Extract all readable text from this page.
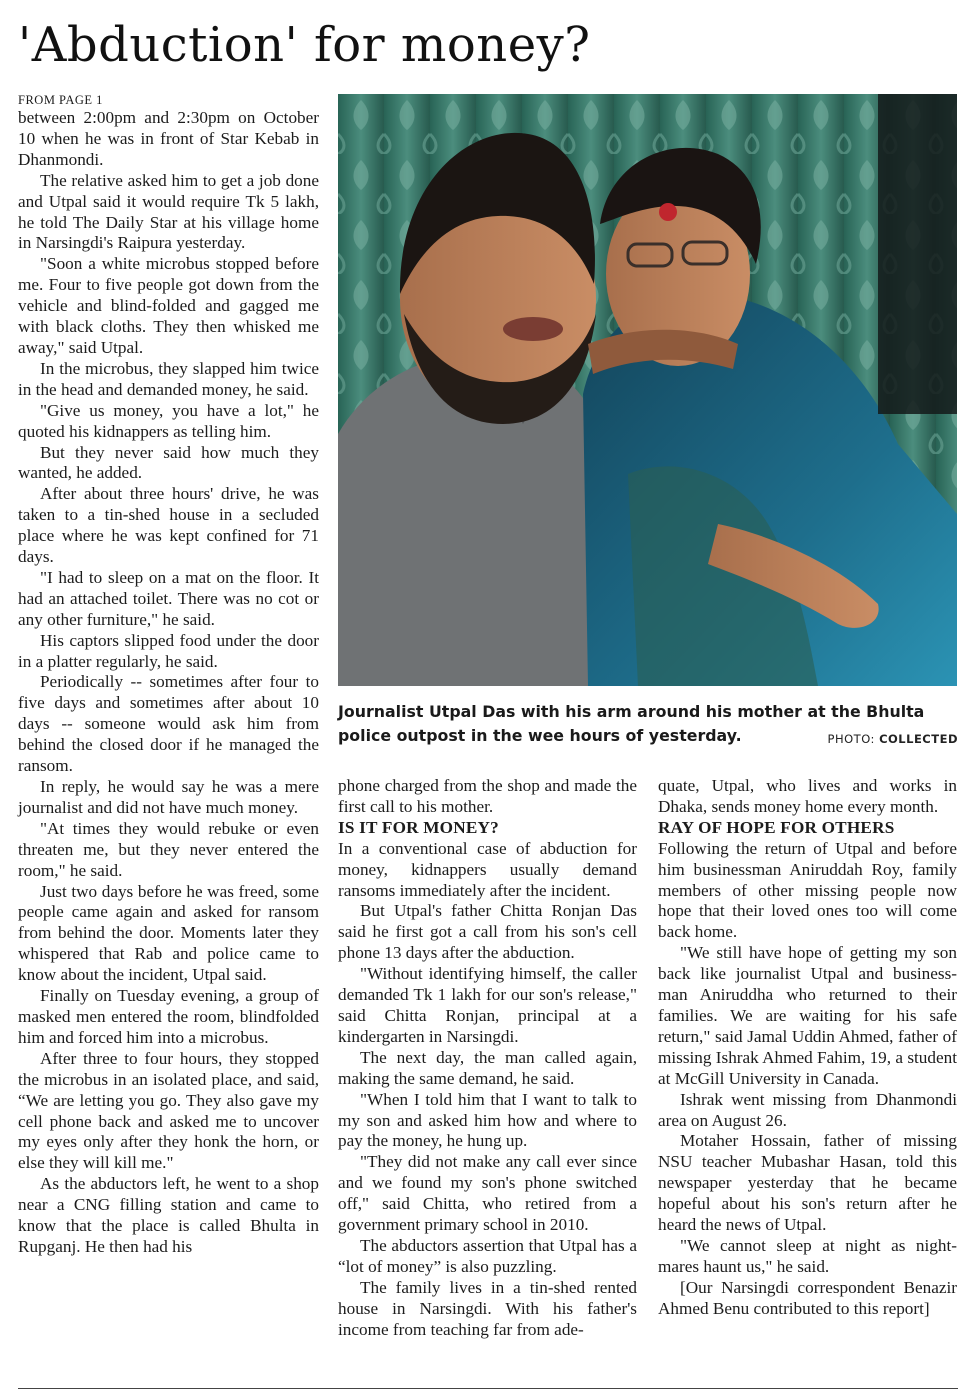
'Abduction' for money?

FROM PAGE 1

between 2:00pm and 2:30pm on October 10 when he was in front of Star Kebab in Dhanmondi.

The relative asked him to get a job done and Utpal said it would require Tk 5 lakh, he told The Daily Star at his village home in Narsingdi's Raipura yesterday.

"Soon a white microbus stopped before me. Four to five people got down from the vehicle and blind-folded and gagged me with black cloths. They then whisked me away," said Utpal.

In the microbus, they slapped him twice in the head and demanded money, he said.

"Give us money, you have a lot," he quoted his kidnappers as telling him.

But they never said how much they wanted, he added.

After about three hours' drive, he was taken to a tin-shed house in a secluded place where he was kept confined for 71 days.

"I had to sleep on a mat on the floor. It had an attached toilet. There was no cot or any other furniture," he said.

His captors slipped food under the door in a platter regularly, he said.

Periodically -- sometimes after four to five days and sometimes after about 10 days -- someone would ask him from behind the closed door if he managed the ransom.

In reply, he would say he was a mere journalist and did not have much money.

"At times they would rebuke or even threaten me, but they never entered the room," he said.

Just two days before he was freed, some people came again and asked for ransom from behind the door. Moments later they whispered that Rab and police came to know about the incident, Utpal said.

Finally on Tuesday evening, a group of masked men entered the room, blindfolded him and forced him into a microbus.

After three to four hours, they stopped the microbus in an isolated place, and said, “We are letting you go. They also gave my cell phone back and asked me to uncover my eyes only after they honk the horn, or else they will kill me."

As the abductors left, he went to a shop near a CNG filling station and came to know that the place is called Bhulta in Rupganj. He then had his

Journalist Utpal Das with his arm around his mother at the Bhulta police outpost in the wee hours of yesterday.	PHOTO: COLLECTED

phone charged from the shop and made the first call to his mother.

IS IT FOR MONEY?

In a conventional case of abduction for money, kidnappers usually demand ransoms immediately after the incident.

But Utpal's father Chitta Ronjan Das said he first got a call from his son's cell phone 13 days after the abduction.

"Without identifying himself, the caller demanded Tk 1 lakh for our son's release," said Chitta Ronjan, principal at a kindergarten in Narsingdi.

The next day, the man called again, making the same demand, he said.

"When I told him that I want to talk to my son and asked him how and where to pay the money, he hung up.

"They did not make any call ever since and we found my son's phone switched off," said Chitta, who retired from a government primary school in 2010.

The abductors assertion that Utpal has a “lot of money” is also puzzling.

The family lives in a tin-shed rented house in Narsingdi. With his father's income from teaching far from ade-

quate, Utpal, who lives and works in Dhaka, sends money home every month.

RAY OF HOPE FOR OTHERS

Following the return of Utpal and before him businessman Aniruddah Roy, family members of other missing people now hope that their loved ones too will come back home.

"We still have hope of getting my son back like journalist Utpal and business-man Aniruddha who returned to their families. We are waiting for his safe return," said Jamal Uddin Ahmed, father of missing Ishrak Ahmed Fahim, 19, a student at McGill University in Canada.

Ishrak went missing from Dhanmondi area on August 26.

Motaher Hossain, father of missing NSU teacher Mubashar Hasan, told this newspaper yesterday that he became hopeful about his son's return after he heard the news of Utpal.

"We cannot sleep at night as night-mares haunt us," he said.

[Our Narsingdi correspondent Benazir Ahmed Benu contributed to this report]
